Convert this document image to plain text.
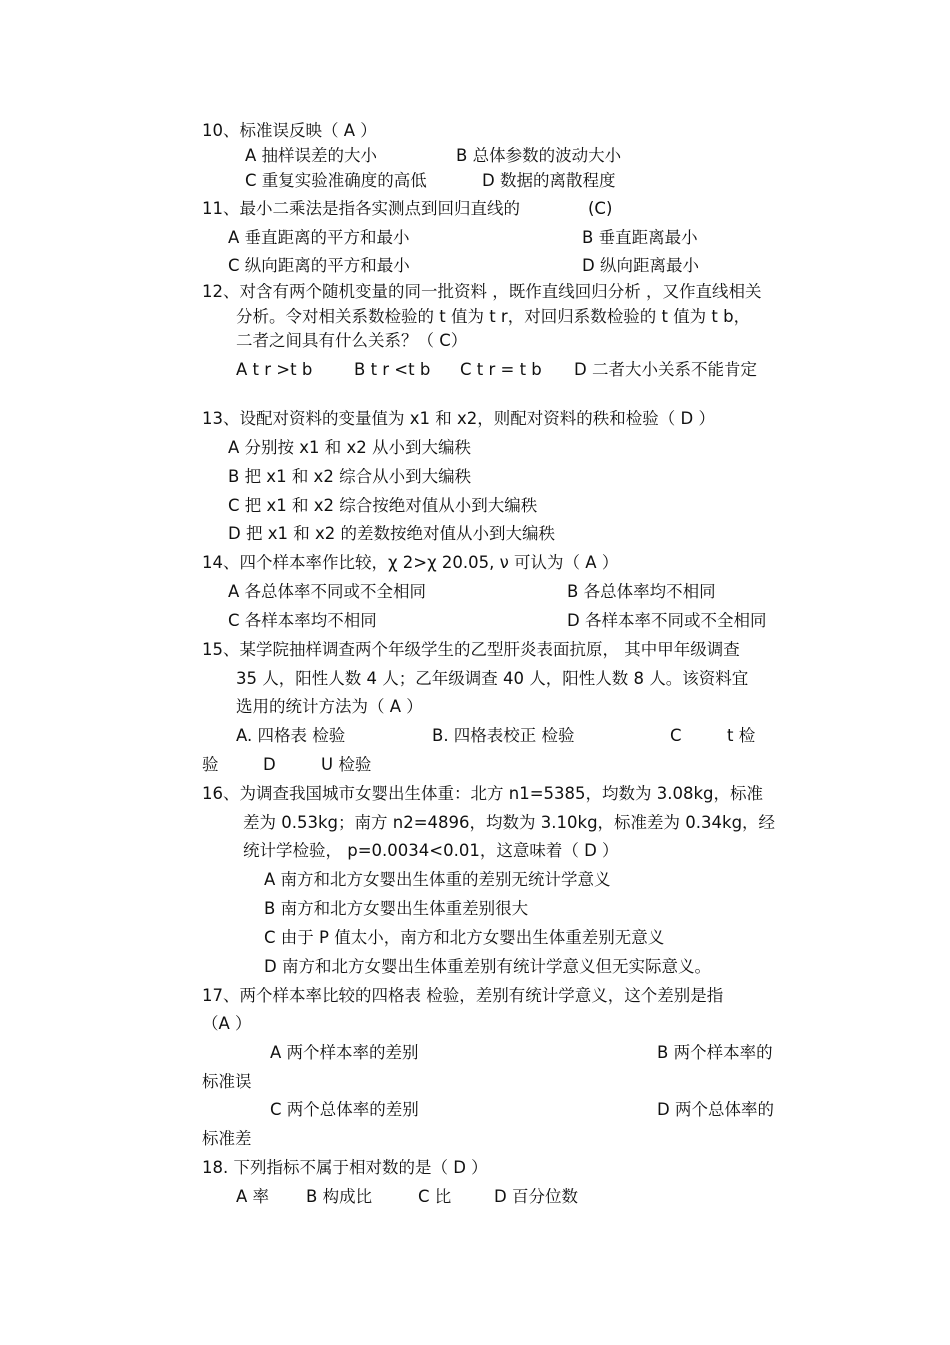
10、标准误反映（ A ）
A 抽样误差的大小	B 总体参数的波动大小
C 重复实验准确度的高低	D 数据的离散程度
11、最小二乘法是指各实测点到回归直线的	(C)
A 垂直距离的平方和最小	B 垂直距离最小
C 纵向距离的平方和最小	D 纵向距离最小
12、对含有两个随机变量的同一批资料 ，既作直线回归分析 ，又作直线相关
分析。令对相关系数检验的 t 值为 t r，对回归系数检验的 t 值为 t b，
二者之间具有什么关系？（ C）
A t r >t b	B t r <t b C t r = t b D 二者大小关系不能肯定
13、设配对资料的变量值为 x1 和 x2，则配对资料的秩和检验（ D ）
A 分别按 x1 和 x2 从小到大编秩
B 把 x1 和 x2 综合从小到大编秩
C 把 x1 和 x2 综合按绝对值从小到大编秩
D 把 x1 和 x2 的差数按绝对值从小到大编秩
14、四个样本率作比较，χ 2>χ 20.05, ν 可认为（ A ）
A 各总体率不同或不全相同	B 各总体率均不相同
C 各样本率均不相同	D 各样本率不同或不全相同
15、某学院抽样调查两个年级学生的乙型肝炎表面抗原， 其中甲年级调查
35 人，阳性人数 4 人；乙年级调查 40 人，阳性人数 8 人。该资料宜
选用的统计方法为（ A ）
A. 四格表 检验	B. 四格表校正 检验	C	t 检
验	D	U 检验
16、为调查我国城市女婴出生体重：北方 n1=5385，均数为 3.08kg，标准
差为 0.53kg；南方 n2=4896，均数为 3.10kg，标准差为 0.34kg，经
统计学检验， p=0.0034<0.01，这意味着（ D ）
A 南方和北方女婴出生体重的差别无统计学意义
B 南方和北方女婴出生体重差别很大
C 由于 P 值太小，南方和北方女婴出生体重差别无意义
D 南方和北方女婴出生体重差别有统计学意义但无实际意义。
17、两个样本率比较的四格表 检验，差别有统计学意义，这个差别是指
（A ）
A 两个样本率的差别	B 两个样本率的
标准误
C 两个总体率的差别	D 两个总体率的
标准差
18. 下列指标不属于相对数的是（ D ）
A 率 B 构成比	C 比	D 百分位数
